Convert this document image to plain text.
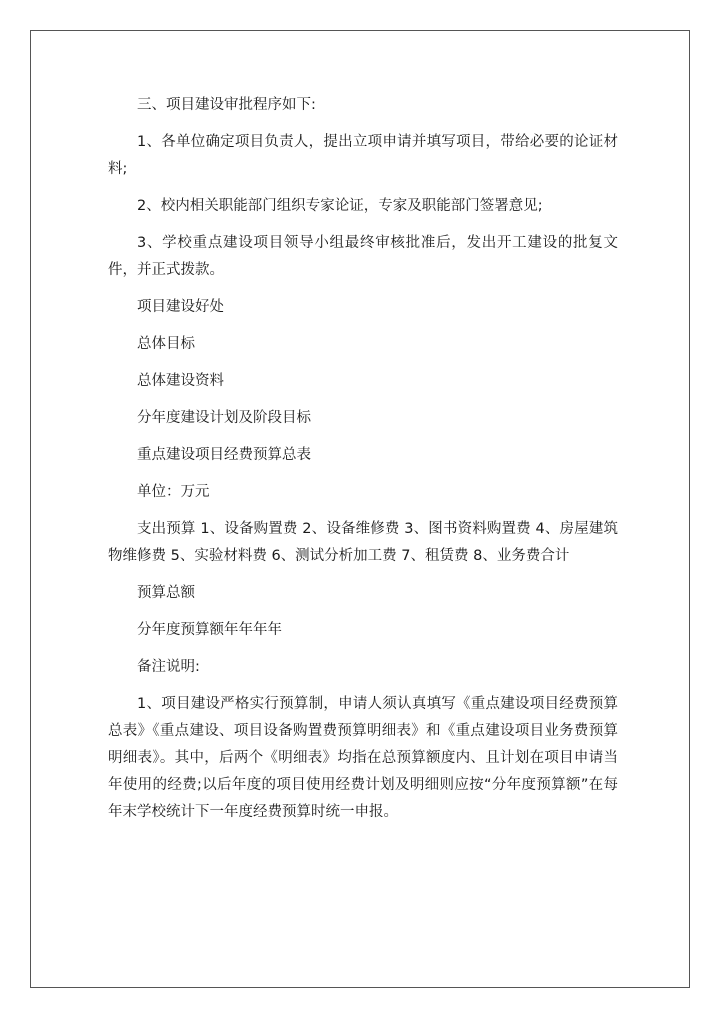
三、项目建设审批程序如下:

1、各单位确定项目负责人，提出立项申请并填写项目，带给必要的论证材料;

2、校内相关职能部门组织专家论证，专家及职能部门签署意见;

3、学校重点建设项目领导小组最终审核批准后，发出开工建设的批复文件，并正式拨款。

项目建设好处

总体目标

总体建设资料

分年度建设计划及阶段目标

重点建设项目经费预算总表

单位：万元

支出预算 1、设备购置费 2、设备维修费 3、图书资料购置费 4、房屋建筑物维修费 5、实验材料费 6、测试分析加工费 7、租赁费 8、业务费合计

预算总额

分年度预算额年年年年

备注说明:

1、项目建设严格实行预算制，申请人须认真填写《重点建设项目经费预算总表》《重点建设、项目设备购置费预算明细表》和《重点建设项目业务费预算明细表》。其中，后两个《明细表》均指在总预算额度内、且计划在项目申请当年使用的经费;以后年度的项目使用经费计划及明细则应按“分年度预算额”在每年末学校统计下一年度经费预算时统一申报。
